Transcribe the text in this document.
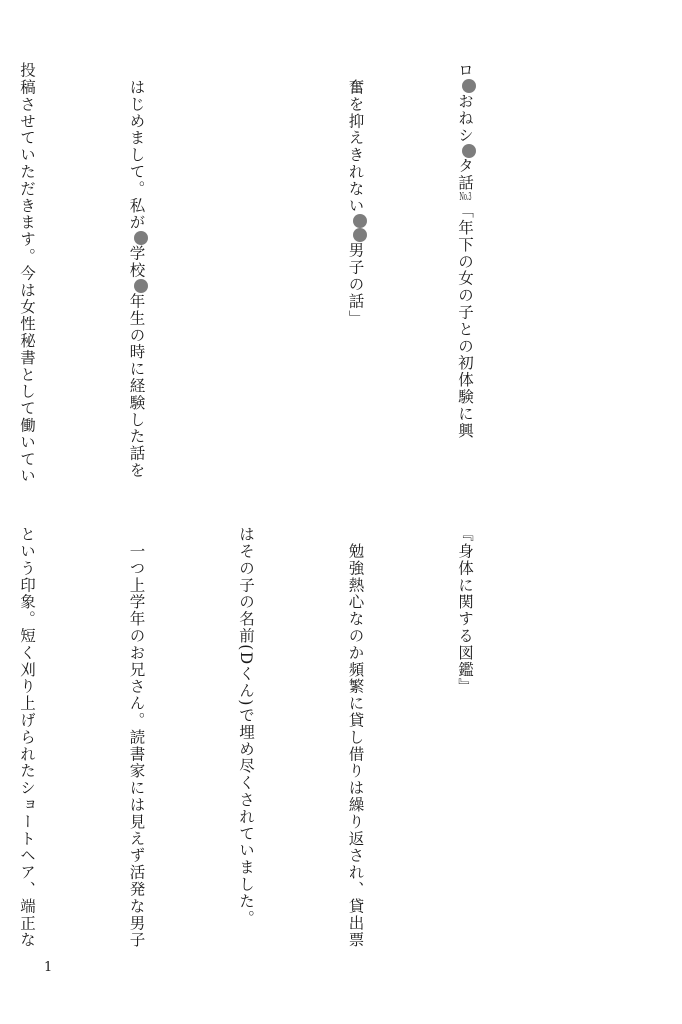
ロおねシタ話No.3「年下の女の子との初体験に興

　奮を抑えきれない男子の話」

　はじめまして。私が学校年生の時に経験した話を

投稿させていただきます。今は女性秘書として働いてい

『身体に関する図鑑』

　勉強熱心なのか頻繁に貸し借りは繰り返され、貸出票

はその子の名前(Dくん)で埋め尽くされていました。

　一つ上学年のお兄さん。読書家には見えず活発な男子

という印象。短く刈り上げられたショートヘア、端正な

1
